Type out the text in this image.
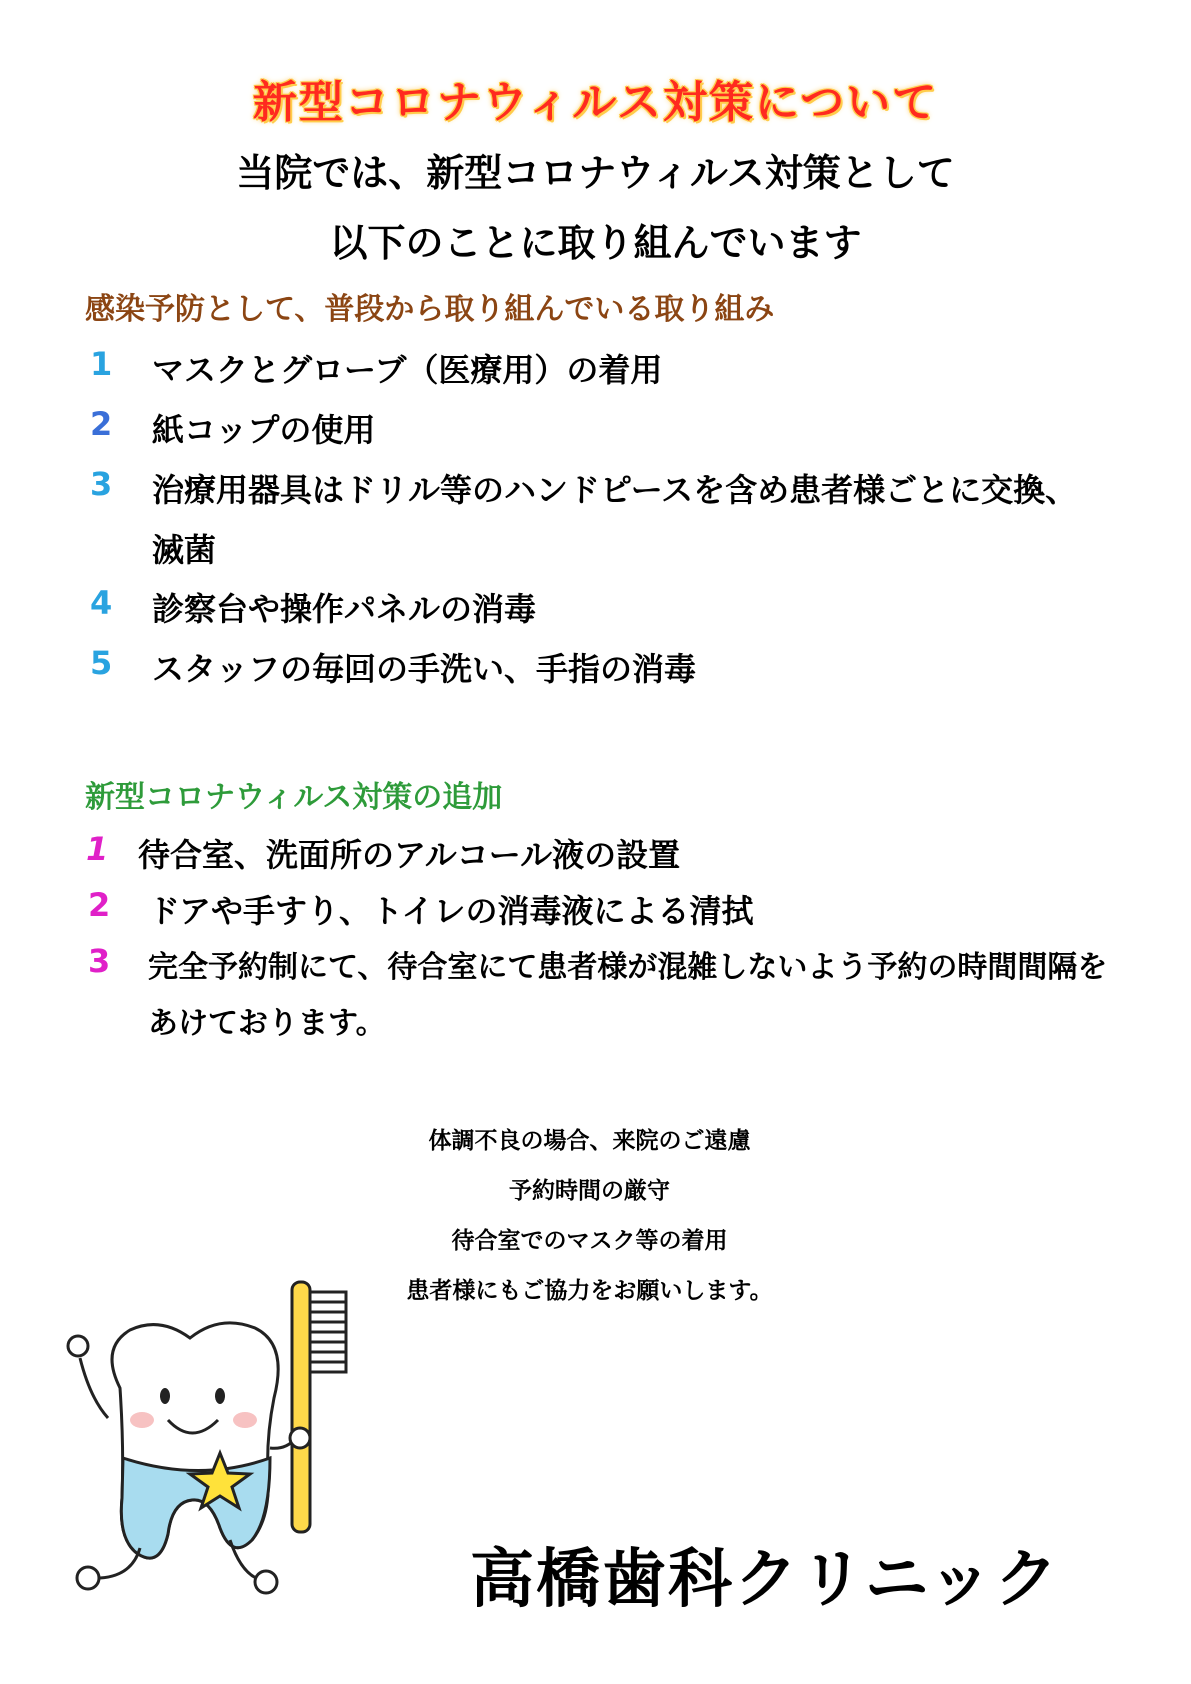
新型コロナウィルス対策について
当院では、新型コロナウィルス対策として
以下のことに取り組んでいます
感染予防として、普段から取り組んでいる取り組み
1 マスクとグローブ（医療用）の着用
2 紙コップの使用
3 治療用器具はドリル等のハンドピースを含め患者様ごとに交換、
滅菌
4 診察台や操作パネルの消毒
5 スタッフの毎回の手洗い、手指の消毒
新型コロナウィルス対策の追加
1 待合室、洗面所のアルコール液の設置
2 ドアや手すり、トイレの消毒液による清拭
3 完全予約制にて、待合室にて患者様が混雑しないよう予約の時間間隔を
あけております。
体調不良の場合、来院のご遠慮
予約時間の厳守
待合室でのマスク等の着用
患者様にもご協力をお願いします。
高橋歯科クリニック
